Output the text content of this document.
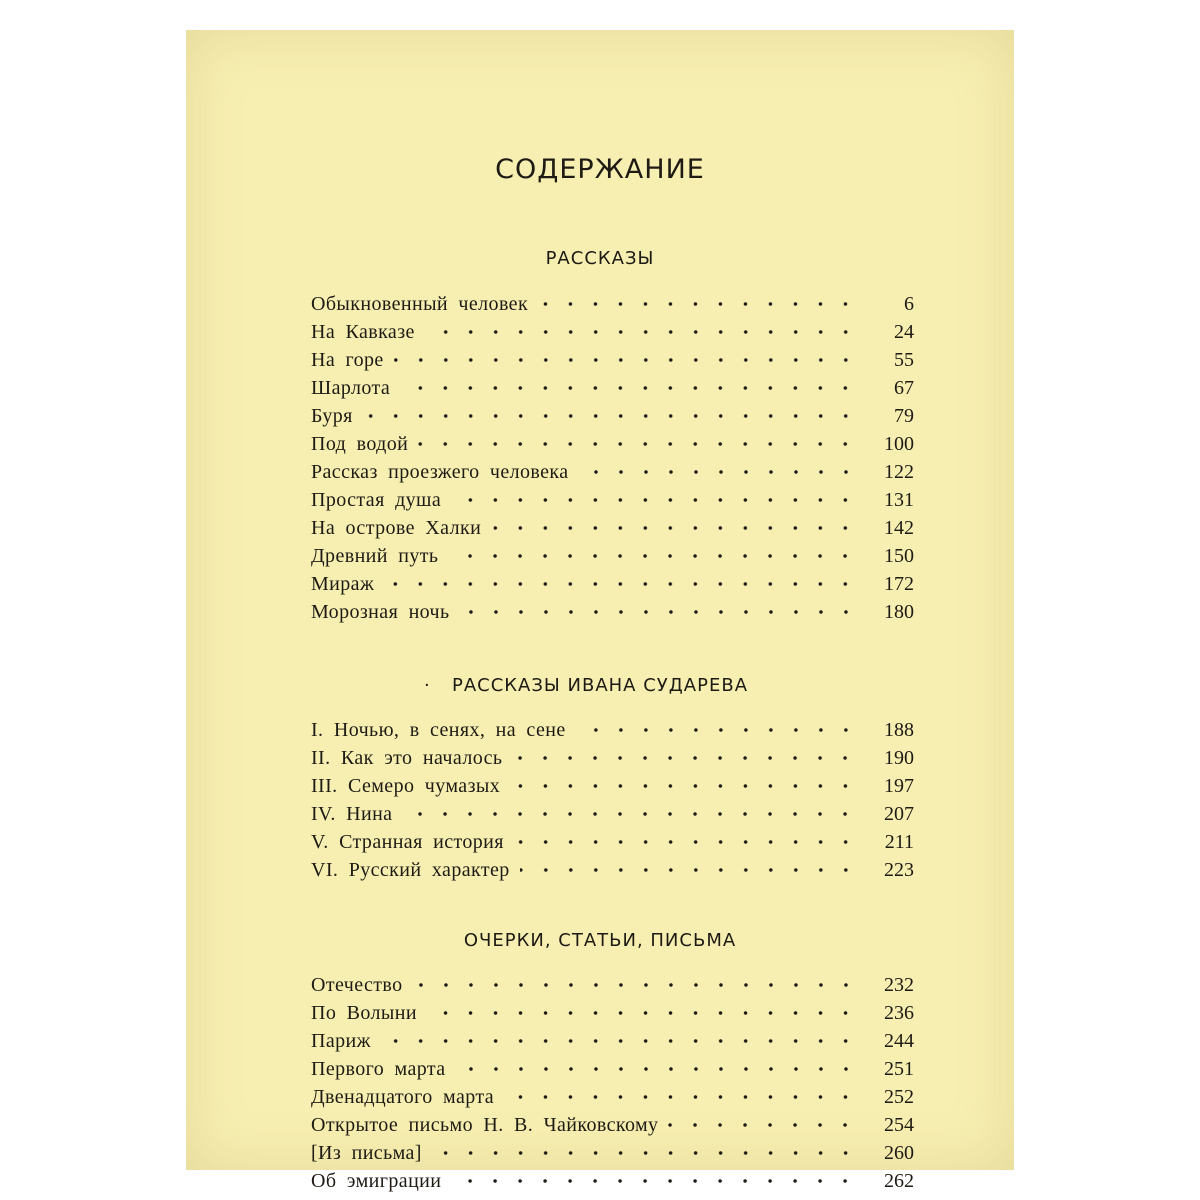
СОДЕРЖАНИЕ
РАССКАЗЫ
Обыкновенный человек	6
На Кавказе	24
На горе	55
Шарлота	67
Буря	79
Под водой	100
Рассказ проезжего человека	122
Простая душа	131
На острове Халки	142
Древний путь	150
Мираж	172
Морозная ночь	180
· РАССКАЗЫ ИВАНА СУДАРЕВА
I. Ночью, в сенях, на сене	188
II. Как это началось	190
III. Семеро чумазых	197
IV. Нина	207
V. Странная история	211
VI. Русский характер	223
ОЧЕРКИ, СТАТЬИ, ПИСЬМА
Отечество	232
По Волыни	236
Париж	244
Первого марта	251
Двенадцатого марта	252
Открытое письмо Н. В. Чайковскому	254
[Из письма]	260
Об эмиграции	262
